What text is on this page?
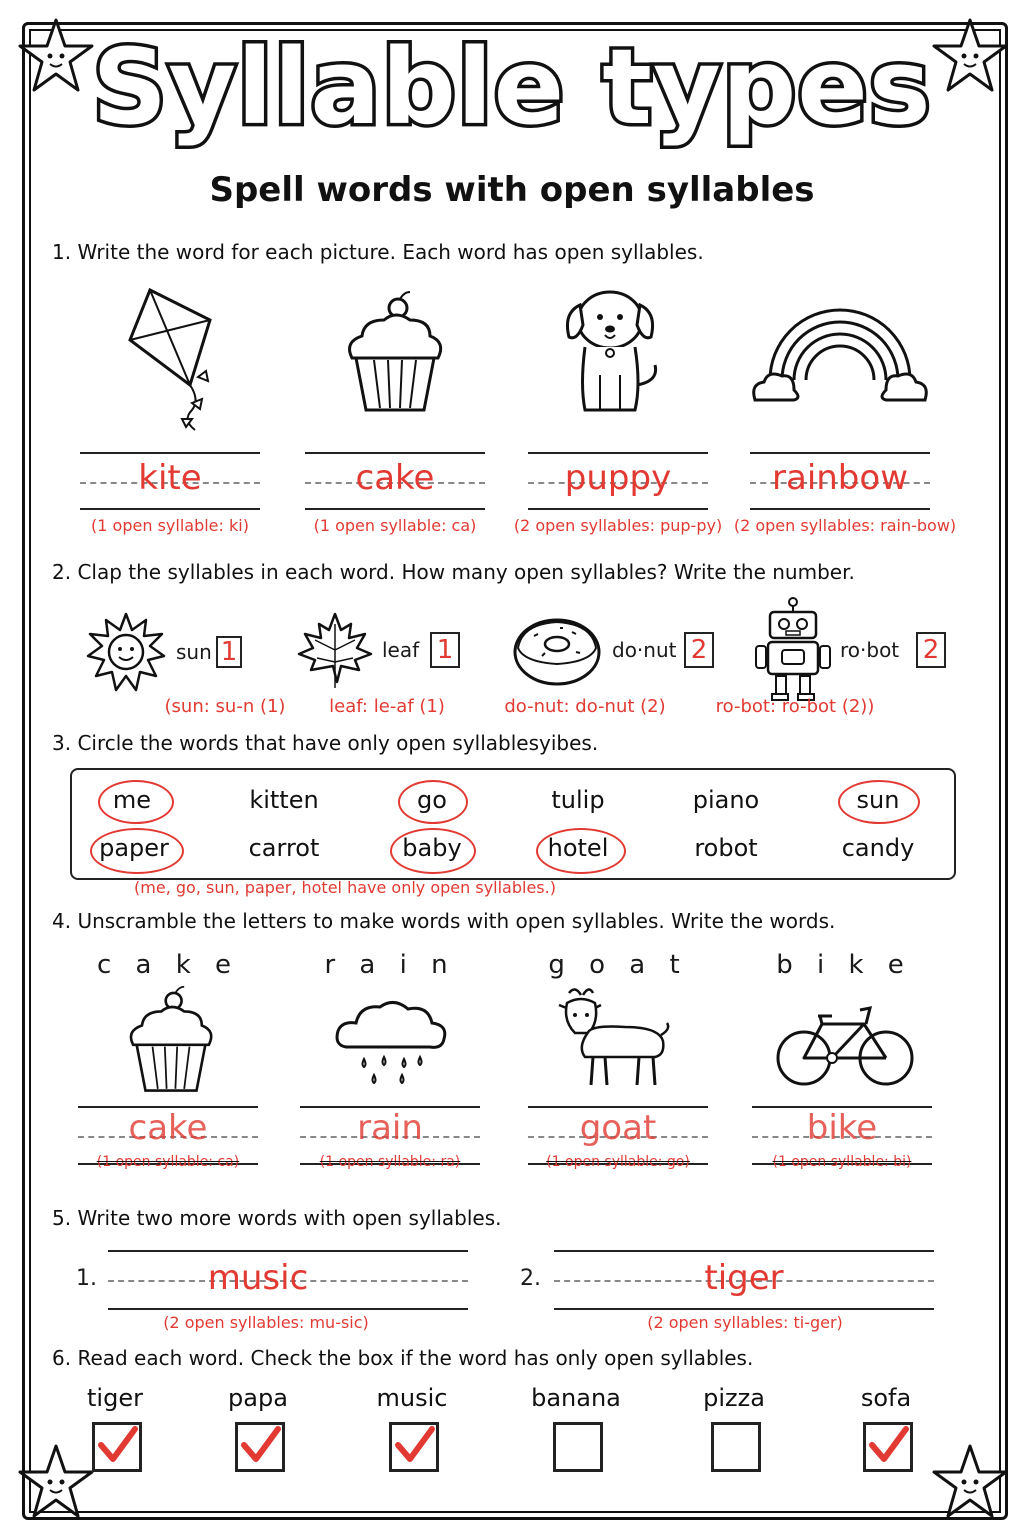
Syllable types
Spell words with open syllables
1. Write the word for each picture. Each word has open syllables.
kite	cake	puppy	rainbow
(1 open syllable: ki)	(1 open syllable: ca)	(2 open syllables: pup-py) (2 open syllables: rain-bow)
2. Clap the syllables in each word. How many open syllables? Write the number.
sun 1	leaf 1	do·nut 2	ro·bot 2
(sun: su-n (1)	leaf: le-af (1)	do-nut: do-nut (2)	ro-bot: ro-bot (2))
3. Circle the words that have only open syllablesyibes.
me	kitten	go	tulip	piano	sun
paper	carrot	baby	hotel	robot	candy
(me, go, sun, paper, hotel have only open syllables.)
4. Unscramble the letters to make words with open syllables. Write the words.
c a k e	r a i n	g o a t	b i k e
cake	rain	goat	bike
(1 open syllable: ca)	(1 open syllable: ra)	(1 open syllable: go)	(1 open syllable: bi)
5. Write two more words with open syllables.
1.	music
(2 open syllables: mu-sic)
2.	tiger
(2 open syllables: ti-ger)
6. Read each word. Check the box if the word has only open syllables.
tiger	papa	music	banana	pizza	sofa
